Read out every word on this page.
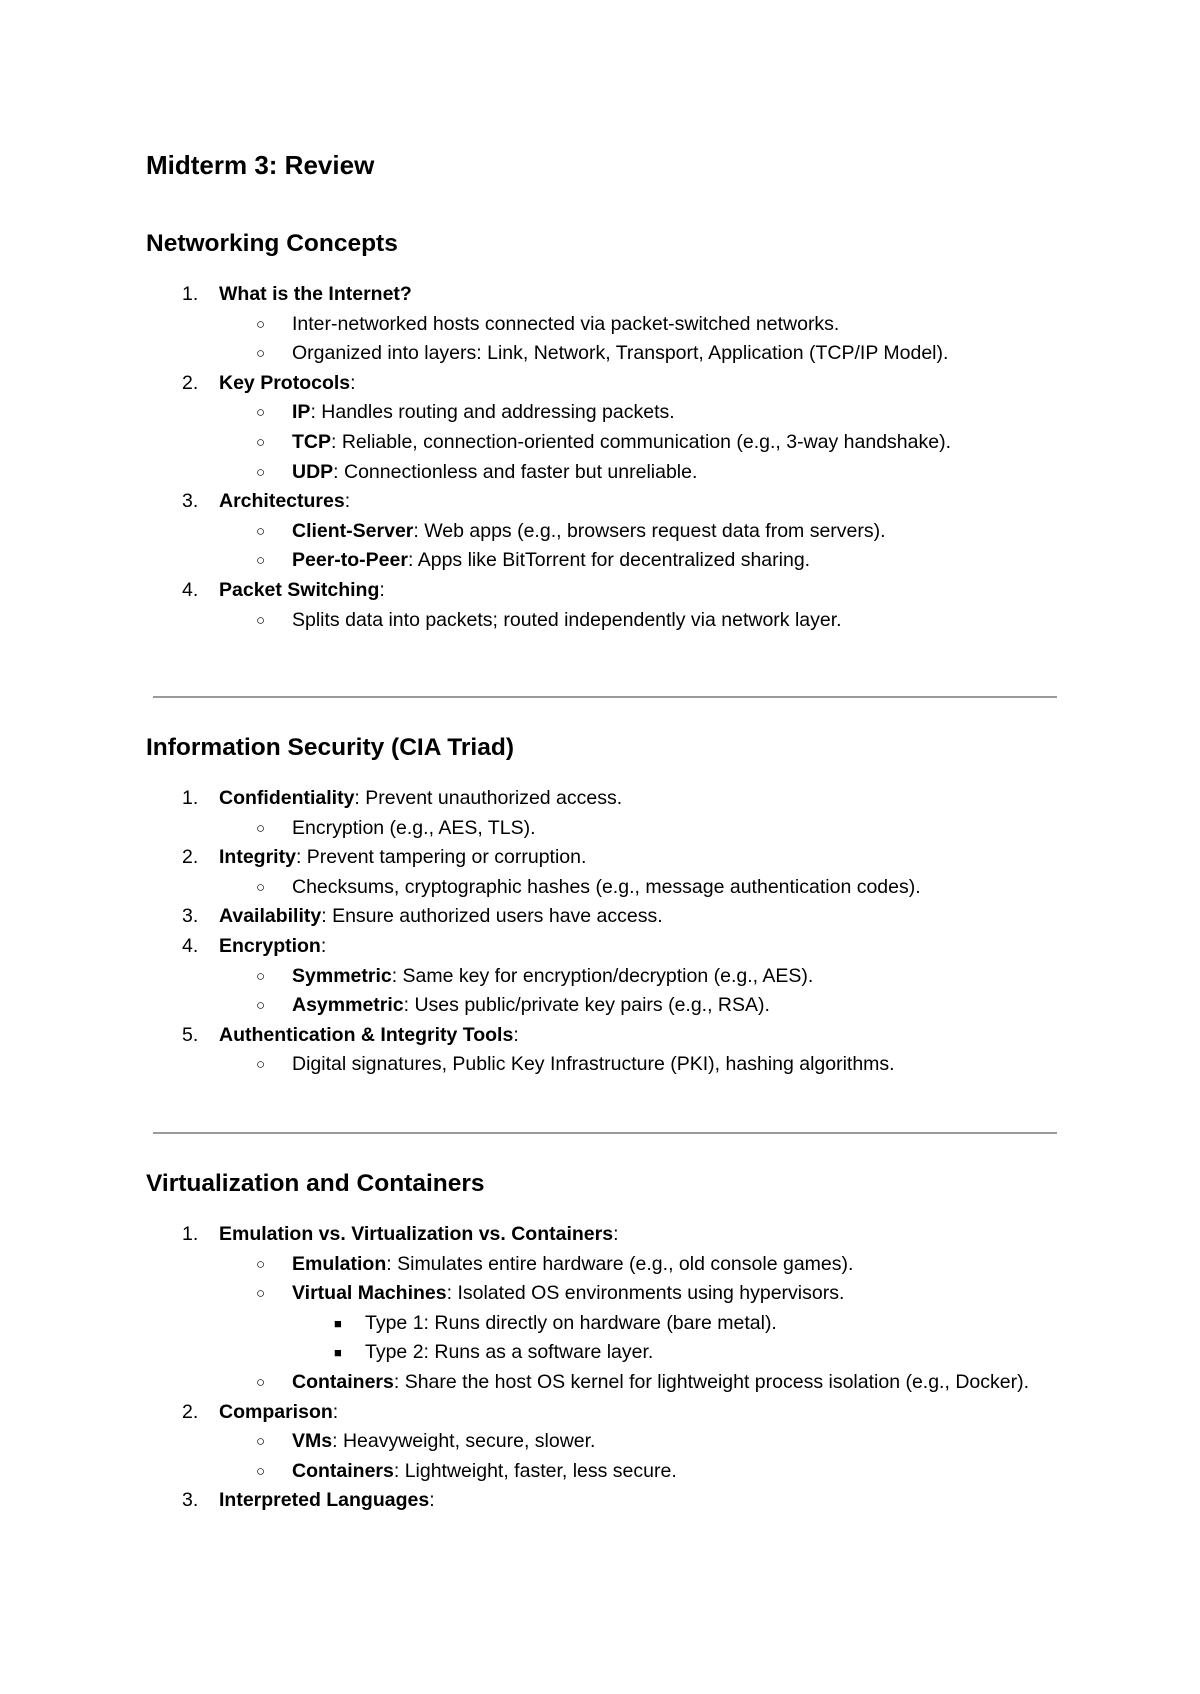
Midterm 3: Review
Networking Concepts
1.	What is the Internet?
○ Inter-networked hosts connected via packet-switched networks.
○ Organized into layers: Link, Network, Transport, Application (TCP/IP Model).
2.	Key Protocols:
○ IP: Handles routing and addressing packets.
○ TCP: Reliable, connection-oriented communication (e.g., 3-way handshake).
○ UDP: Connectionless and faster but unreliable.
3.	Architectures:
○ Client-Server: Web apps (e.g., browsers request data from servers).
○ Peer-to-Peer: Apps like BitTorrent for decentralized sharing.
4.	Packet Switching:
○ Splits data into packets; routed independently via network layer.
Information Security (CIA Triad)
1.	Confidentiality: Prevent unauthorized access.
○ Encryption (e.g., AES, TLS).
2.	Integrity: Prevent tampering or corruption.
○ Checksums, cryptographic hashes (e.g., message authentication codes).
3.	Availability: Ensure authorized users have access.
4.	Encryption:
○ Symmetric: Same key for encryption/decryption (e.g., AES).
○ Asymmetric: Uses public/private key pairs (e.g., RSA).
5.	Authentication & Integrity Tools:
○ Digital signatures, Public Key Infrastructure (PKI), hashing algorithms.
Virtualization and Containers
1.	Emulation vs. Virtualization vs. Containers:
○ Emulation: Simulates entire hardware (e.g., old console games).
○ Virtual Machines: Isolated OS environments using hypervisors.
■ Type 1: Runs directly on hardware (bare metal).
■ Type 2: Runs as a software layer.
○ Containers: Share the host OS kernel for lightweight process isolation (e.g., Docker).
2.	Comparison:
○ VMs: Heavyweight, secure, slower.
○ Containers: Lightweight, faster, less secure.
3.	Interpreted Languages:
